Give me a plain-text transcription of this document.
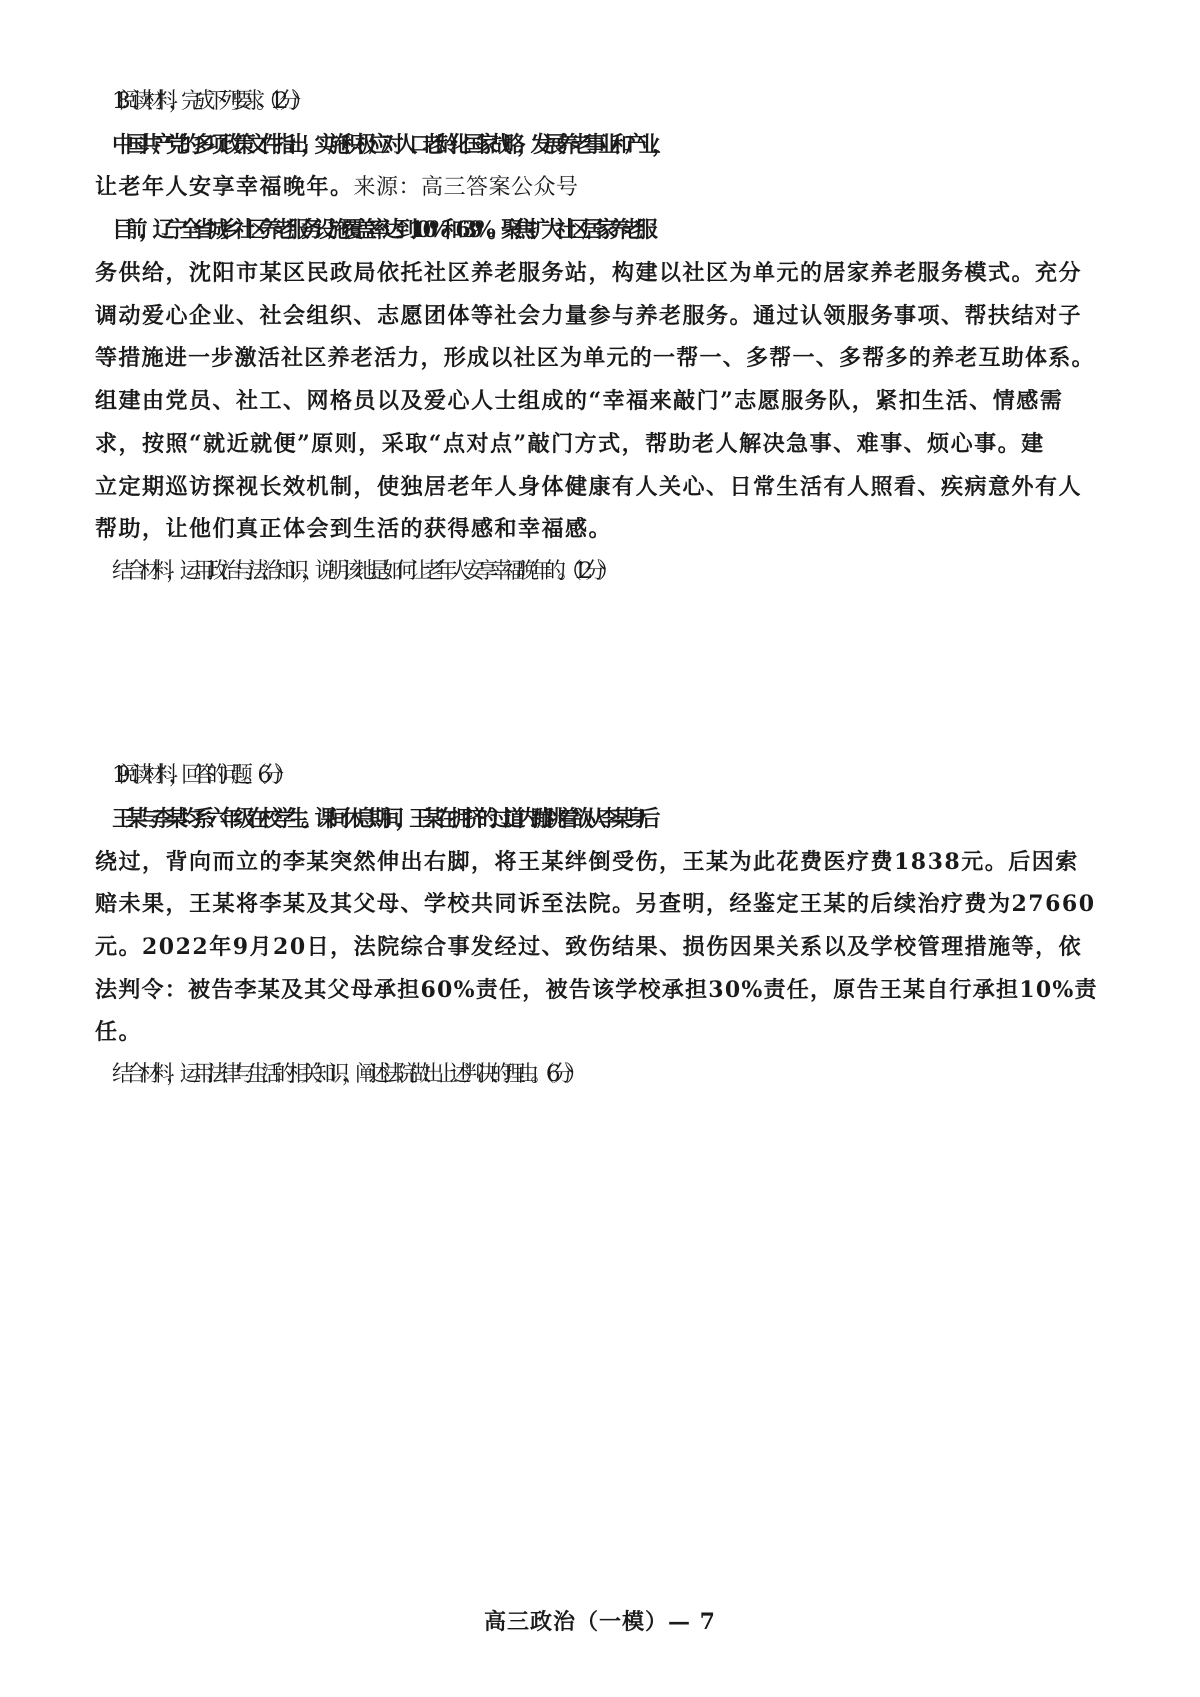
18.阅读材料，完成下列要求。（12分）
中国共产党的多项政策文件指出，实施积极应对人口老龄化国家战略，发展养老事业和产业，
让老年人安享幸福晚年。来源：高三答案公众号
目前，辽宁全省城乡社区养老服务设施覆盖率达到100%和63.9%。聚焦扩大社区居家养老服
务供给，沈阳市某区民政局依托社区养老服务站，构建以社区为单元的居家养老服务模式。充分
调动爱心企业、社会组织、志愿团体等社会力量参与养老服务。通过认领服务事项、帮扶结对子
等措施进一步激活社区养老活力，形成以社区为单元的一帮一、多帮一、多帮多的养老互助体系。
组建由党员、社工、网格员以及爱心人士组成的“幸福来敲门”志愿服务队，紧扣生活、情感需
求，按照“就近就便”原则，采取“点对点”敲门方式，帮助老人解决急事、难事、烦心事。建
立定期巡访探视长效机制，使独居老年人身体健康有人关心、日常生活有人照看、疾病意外有人
帮助，让他们真正体会到生活的获得感和幸福感。
结合材料，运用政治与法治知识，说明该地是如何让老年人安享幸福晚年的。（12分）
19.阅读材料，回答的问题。（6分）
王某与李某均系六年级在校学生。课间休息期间，王某在拥挤的过道内蹦跳着欲从李某身后
绕过，背向而立的李某突然伸出右脚，将王某绊倒受伤，王某为此花费医疗费1838元。后因索
赔未果，王某将李某及其父母、学校共同诉至法院。另查明，经鉴定王某的后续治疗费为27660
元。2022年9月20日，法院综合事发经过、致伤结果、损伤因果关系以及学校管理措施等，依
法判令：被告李某及其父母承担60%责任，被告该学校承担30%责任，原告王某自行承担10%责
任。
结合材料，运用法律与生活的相关知识，阐述法院做出上述判决的理由。（6分）
高三政治（一模）— 7
